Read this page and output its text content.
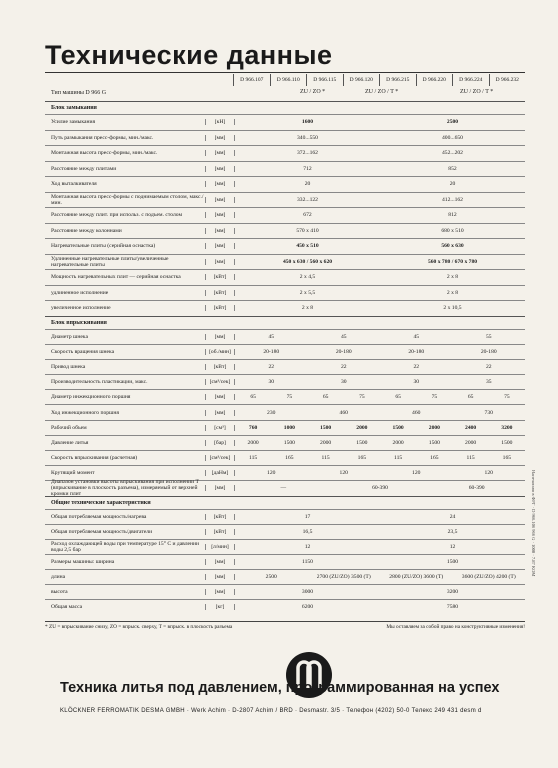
Технические данные
D 966.107	D 966.110	D 966.115	D 966.120	D 966.215	D 966.220	D 966.224	D 966.232
Тип машины D 966 G	ZU / ZO *	ZU / ZO / T *	ZU / ZO / T *
Блок замыкания
Усилие замыкания	[кН]	1600	2500
Путь размыкания пресс-формы, мин./макс.	[мм]	340...550	400...650
Монтажная высота пресс-формы, мин./макс.	[мм]	372...162	452...202
Расстояние между плитами	[мм]	712	852
Ход выталкивателя	[мм]	20	20
Монтажная высота пресс-формы с поднимаемым столом, макс./мин.	[мм]	332...122	412...162
Расстояние между плит. при использ. с подъем. столом	[мм]	672	812
Расстояние между колоннами	[мм]	570 x 410	680 x 510
Нагревательные плиты (серийная оснастка)	[мм]	450 x 510	560 x 630
Удлиненные нагревательные плиты/увеличенные нагревательные плиты	[мм]	450 x 630 / 560 x 620	560 x 780 / 670 x 780
Мощность нагревательных плит — серийная оснастка	[кВт]	2 x 4,5	2 x 8
удлиненное исполнение	[кВт]	2 x 5,5	2 x 8
увеличенное исполнение	[кВт]	2 x 8	2 x 10,5
Блок впрыскивания
Диаметр шнека	[мм]	45	45	45	55
Скорость вращения шнека	[об./мин]	20-180	20-180	20-180	20-180
Привод шнека	[кВт]	22	22	22	22
Производительность пластикации, макс.	[см³/сек]	30	30	30	35
Диаметр инжекционного поршня	[мм]	65	75	65	75	65	75	65	75
Ход инжекционного поршня	[мм]	230	460	460	730
Рабочий объем	[см³]	760	1000	1500	2000	1500	2000	2400	3200
Давление литья	[бар]	2000	1500	2000	1500	2000	1500	2000	1500
Скорость впрыскивания (расчетная)	[см³/сек]	115	165	115	165	115	165	115	165
Крутящий момент	[даНм]	120	120	120	120
Диапазон установки высоты впрыскивания при исполнении T (впрыскивание в плоскость разъема), измеряемый от верхней кромки плит
[мм]	—	60-390	60-390
Общие технические характеристики
Общая потребляемая мощность/нагрева	[кВт]	17	24
Общая потребляемая мощность/двигатели	[кВт]	16,5	23,5
Расход охлаждающей воды при температуре 15° C и давлении воды 2,5 бар	[л/мин]	12	12
Размеры машины: ширина	[мм]	1150	1500
длина	[мм]	2500	2700 (ZU/ZO) 3500 (T)	2800 (ZU/ZO) 3600 (T)	3600 (ZU/ZO) 4200 (T)
высота	[мм]	3000	3200
Общая масса	[кг]	6200	7580
* ZU = впрыскивание снизу, ZO = впрыск. сверху, T = впрыск. в плоскость разъема	Мы оставляем за собой право на конструктивные изменения!
Техника литья под давлением, программированная на успех
KLÖCKNER FERROMATIK DESMA GMBH · Werk Achim · D-2807 Achim / BRD · Desmastr. 3/5 · Телефон (4202) 50-0 Телекс 249 431 desm d
Напечатано в ФРГ · D 966.106 966 G · 1000 · 7.87 KOM
